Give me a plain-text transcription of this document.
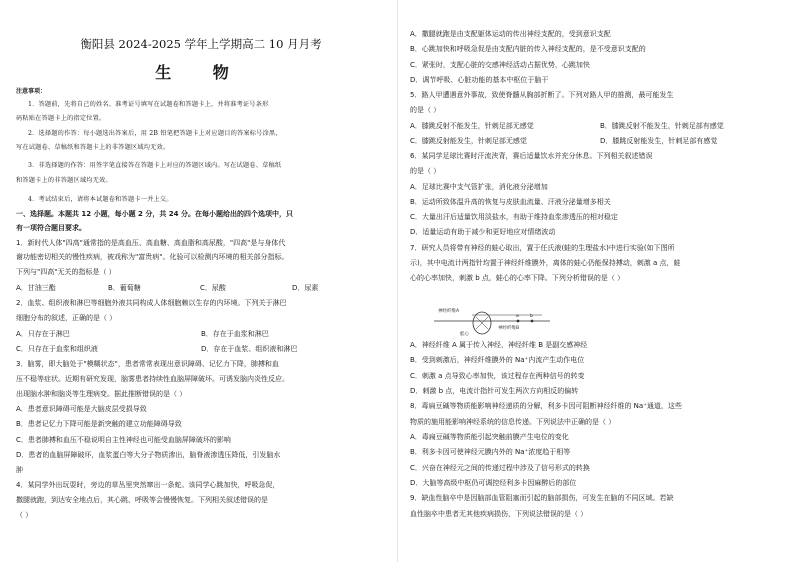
衡阳县 2024-2025 学年上学期高二 10 月月考
生 物
注意事项：
1．答题前，先将自己的姓名、准考证号填写在试题卷和答题卡上，并将准考证号条形
码粘贴在答题卡上的指定位置。
2．选择题的作答：每小题选出答案后，用 2B 铅笔把答题卡上对应题目的答案标号涂黑，
写在试题卷、草稿纸和答题卡上的非答题区域均无效。
3．非选择题的作答：用签字笔直接答在答题卡上对应的答题区域内。写在试题卷、草稿纸
和答题卡上的非答题区域均无效。
4．考试结束后，请将本试题卷和答题卡一并上交。
一、选择题。本题共 12 小题，每小题 2 分，共 24 分。在每小题给出的四个选项中，只
有一项符合题目要求。
1．新时代人体"四高"通常指的是高血压、高血糖、高血脂和高尿酸，"四高"是与身体代
谢功能密切相关的慢性疾病，被戏称为"富贵病"。化验可以检测内环境的相关部分指标。
下列与"四高"无关的指标是（ ）
A．甘油三酯	B．葡萄糖	C．尿酸	D．尿素
2．血浆、组织液和淋巴等细胞外液共同构成人体细胞赖以生存的内环境。下列关于淋巴
细胞分布的叙述，正确的是（ ）
A．只存在于淋巴	B．存在于血浆和淋巴
C．只存在于血浆和组织液	D．存在于血浆、组织液和淋巴
3．脑雾，即大脑处于"模糊状态"，患者常常表现出意识障碍、记忆力下降，肺搏和血
压不稳等症状。近期有研究发现，脑雾患者持续性血脑屏障破坏。可诱发脑内炎性反应。
出现脑水肿和脑炎等生理病变。据此推断错误的是（ ）
A．患者意识障碍可能是大脑皮层受损导致
B．患者记忆力下降可能是新突触的建立功能障碍导致
C．患者肺搏和血压不稳说明自主性神经也可能受血脑屏障破坏的影响
D．患者的血脑屏障破坏，血浆蛋白等大分子物质渗出，脑脊液渗透压降低，引发脑水
肿
4．某同学外出玩耍时，旁边的草丛里突然窜出一条蛇。该同学心跳加快，呼吸急促，
撒腿就跑，到达安全地点后，其心跳、呼吸等会慢慢恢复。下列相关叙述错误的是
（ ）
A．撒腿就跑是由支配躯体运动的传出神经支配的，受到意识支配
B．心跳加快和呼吸急促是由支配内脏的传入神经支配的，是不受意识支配的
C．紧张时，支配心脏的交感神经活动占据优势，心跳加快
D．调节呼吸、心脏功能的基本中枢位于脑干
5．路人甲遭遇意外事故，致使脊髓从胸部折断了。下列对路人甲的推测，最可能发生
的是（ ）
A．膝跳反射不能发生，针刺足部无感觉	B．膝跳反射不能发生，针刺足部有感觉
C．膝跳反射能发生，针刺足部无感觉	D．膝跳反射能发生，针刺足部有感觉
6．某同学足球比赛时汗流浃背，赛后适量饮水并充分休息。下列相关叙述错误
的是（ ）
A．足球比赛中支气管扩张，消化液分泌增加
B．运动所致体温升高的恢复与皮肤血流量、汗液分泌量增多相关
C．大量出汗后适量饮用淡盐水，有助于维持血浆渗透压的相对稳定
D．适量运动有助于减少和更好地应对情绪波动
7．研究人员将带有神经的蛙心取出，置于任氏液(蛙的生理盐水)中进行实验(如下图所
示)，其中电流计两指针均置于神经纤维膜外，离体的蛙心仍能保持搏动，刺激 a 点，蛙
心的心率加快，刺激 b 点，蛙心的心率下降。下列分析错误的是（ ）
神经纤维A
神经纤维B
a b
蛙心
A．神经纤维 A 属于传入神经，神经纤维 B 是副交感神经
B．受到刺激后，神经纤维膜外的 Na⁺内流产生动作电位
C．刺激 a 点导致心率加快，该过程存在两种信号的转变
D．刺激 b 点，电流计指针可发生两次方向相反的偏转
8．毒扁豆碱等物质能影响神经递质的分解，利多卡因可阻断神经纤维的 Na⁺通道，这些
物质的施用能影响神经系统的信息传递。下列说法中正确的是（ ）
A．毒扁豆碱等物质能引起突触前膜产生电位的变化
B．利多卡因可使神经元膜内外的 Na⁺浓度趋于相等
C．兴奋在神经元之间的传递过程中涉及了信号形式的转换
D．大脑等高级中枢仍可调控经利多卡因麻醉后的部位
9．缺血性脑卒中是因脑部血管阻塞而引起的脑部损伤，可发生在脑的不同区域。若缺
血性脑卒中患者无其他疾病损伤，下列说法错误的是（ ）
